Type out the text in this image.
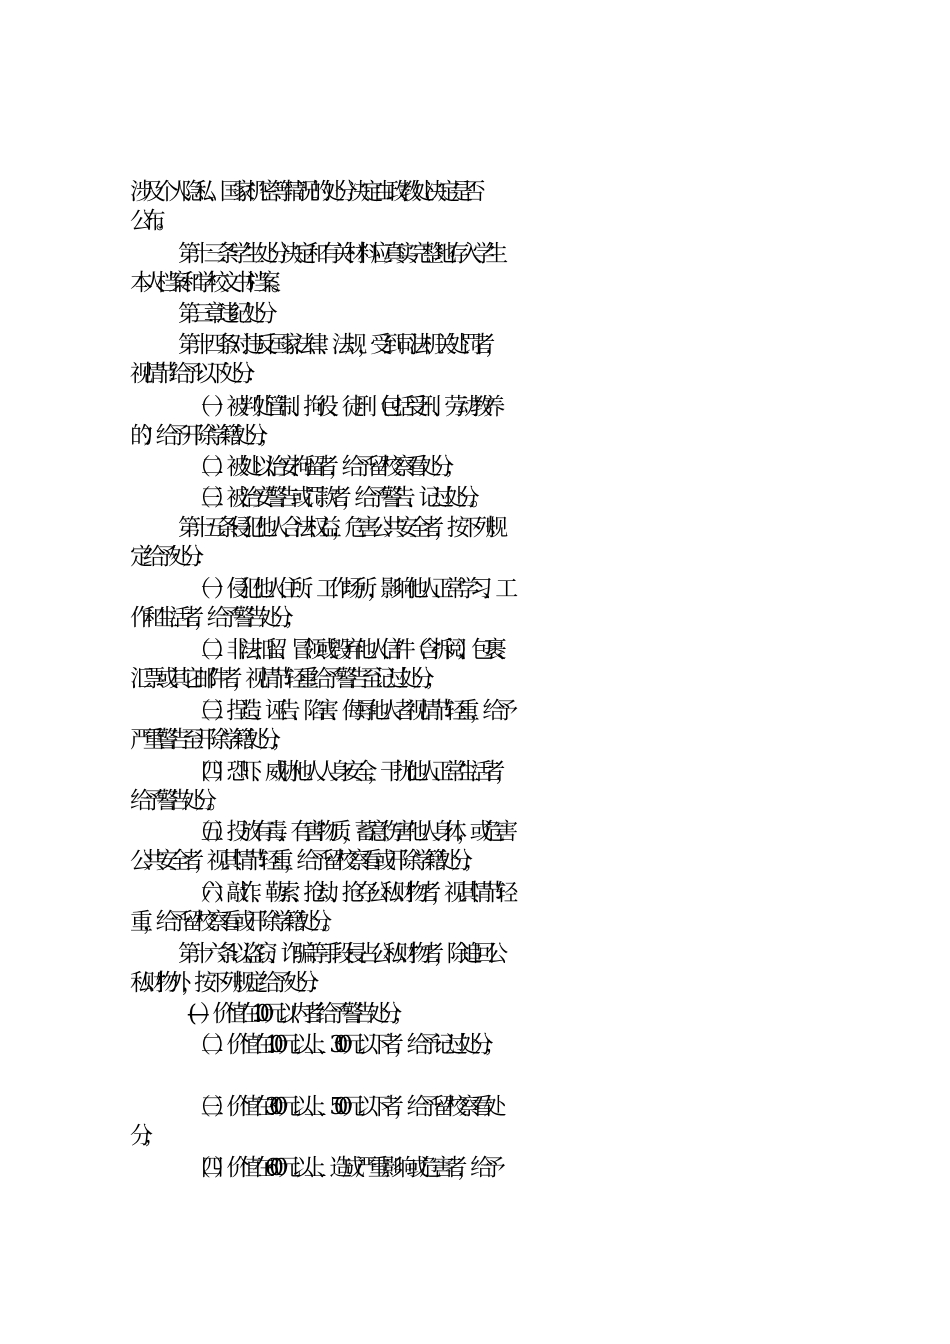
涉及个人隐私、国家机密等情况的处分决定由政教处决定是否
公布。
第十三条学生处分决定和有关材料应真实完整地存入学生
本人档案和学校文书档案。
第三章违纪处分
第十四条对违反国家法律、法规，受到司法机关处罚者，
视情节给予以下处分：
（一）被判处管制、拘役、徒刑（包括受刑、劳动教养
的）给予开除学籍处分；
（二）被处以治安拘留者，给予留校察看处分；
（三）被治安警告或罚款者，给予警告、记过处分。
第十五条侵犯他人合法权益，危害公共安全者，按下列规
定给予处分：
（一）侵犯他人住所、工作场所，影响他人正常学习、工
作和生活者，给予警告处分；
（二）非法扣留、冒领或毁弃他人信件（含拆阅）、包裹、
汇票或其它邮件者，视情节轻重给予警告至记过处分；
（三）捏造、诬告、陷害、侮辱他人者视情节轻重，给予
严重警告至开除学籍处分；
（四）恐吓、威胁他人人身安全，干扰他人正常生活者，
给予警告处分。
（五）投放有毒、有害物质，蓄意伤害他人身体，或危害
公共安全者，视其情节轻重，给予留校察看或开除学籍处分；
（六）敲诈、勒索、抢劫、抢夺公私财物者，视其情节轻
重，给予留校察看或开除学籍处分。
第十六条以盗窃、诈骗等手段侵占公私财物者，除追回公
私财物外，按下列规定给予处分：
(—）价值在100元以内者给予警告处分；
（二）价值在100元以上、300元以下者，给予记过处分；
（三）价值在300元以上、500元以下者，给予留校察看处
分；
（四）价值在600元以上、造成严重影响或危害者，给予
